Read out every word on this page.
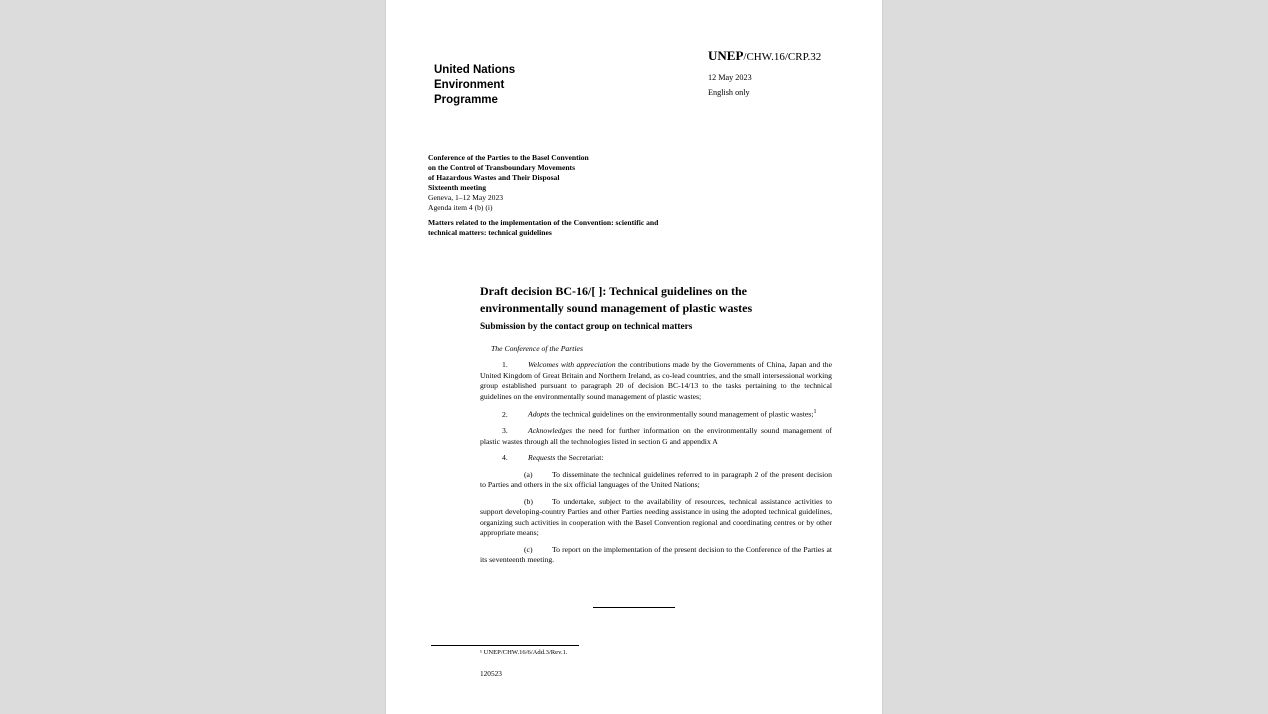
United Nations
Environment
Programme
UNEP/CHW.16/CRP.32
12 May 2023
English only
Conference of the Parties to the Basel Convention
on the Control of Transboundary Movements
of Hazardous Wastes and Their Disposal
Sixteenth meeting
Geneva, 1–12 May 2023
Agenda item 4 (b) (i)
Matters related to the implementation of the Convention: scientific and technical matters: technical guidelines
Draft decision BC-16/[ ]: Technical guidelines on the environmentally sound management of plastic wastes
Submission by the contact group on technical matters
The Conference of the Parties
1.	Welcomes with appreciation the contributions made by the Governments of China, Japan and the United Kingdom of Great Britain and Northern Ireland, as co-lead countries, and the small intersessional working group established pursuant to paragraph 20 of decision BC-14/13 to the tasks pertaining to the technical guidelines on the environmentally sound management of plastic wastes;
2.	Adopts the technical guidelines on the environmentally sound management of plastic wastes;$^1$
3.	Acknowledges the need for further information on the environmentally sound management of plastic wastes through all the technologies listed in section G and appendix A
4.	Requests the Secretariat:
(a)	To disseminate the technical guidelines referred to in paragraph 2 of the present decision to Parties and others in the six official languages of the United Nations;
(b) To undertake, subject to the availability of resources, technical assistance activities to support developing-country Parties and other Parties needing assistance in using the adopted technical guidelines, organizing such activities in cooperation with the Basel Convention regional and coordinating centres or by other appropriate means;
(c)	To report on the implementation of the present decision to the Conference of the Parties at its seventeenth meeting.
¹ UNEP/CHW.16/6/Add.3/Rev.1.
120523
